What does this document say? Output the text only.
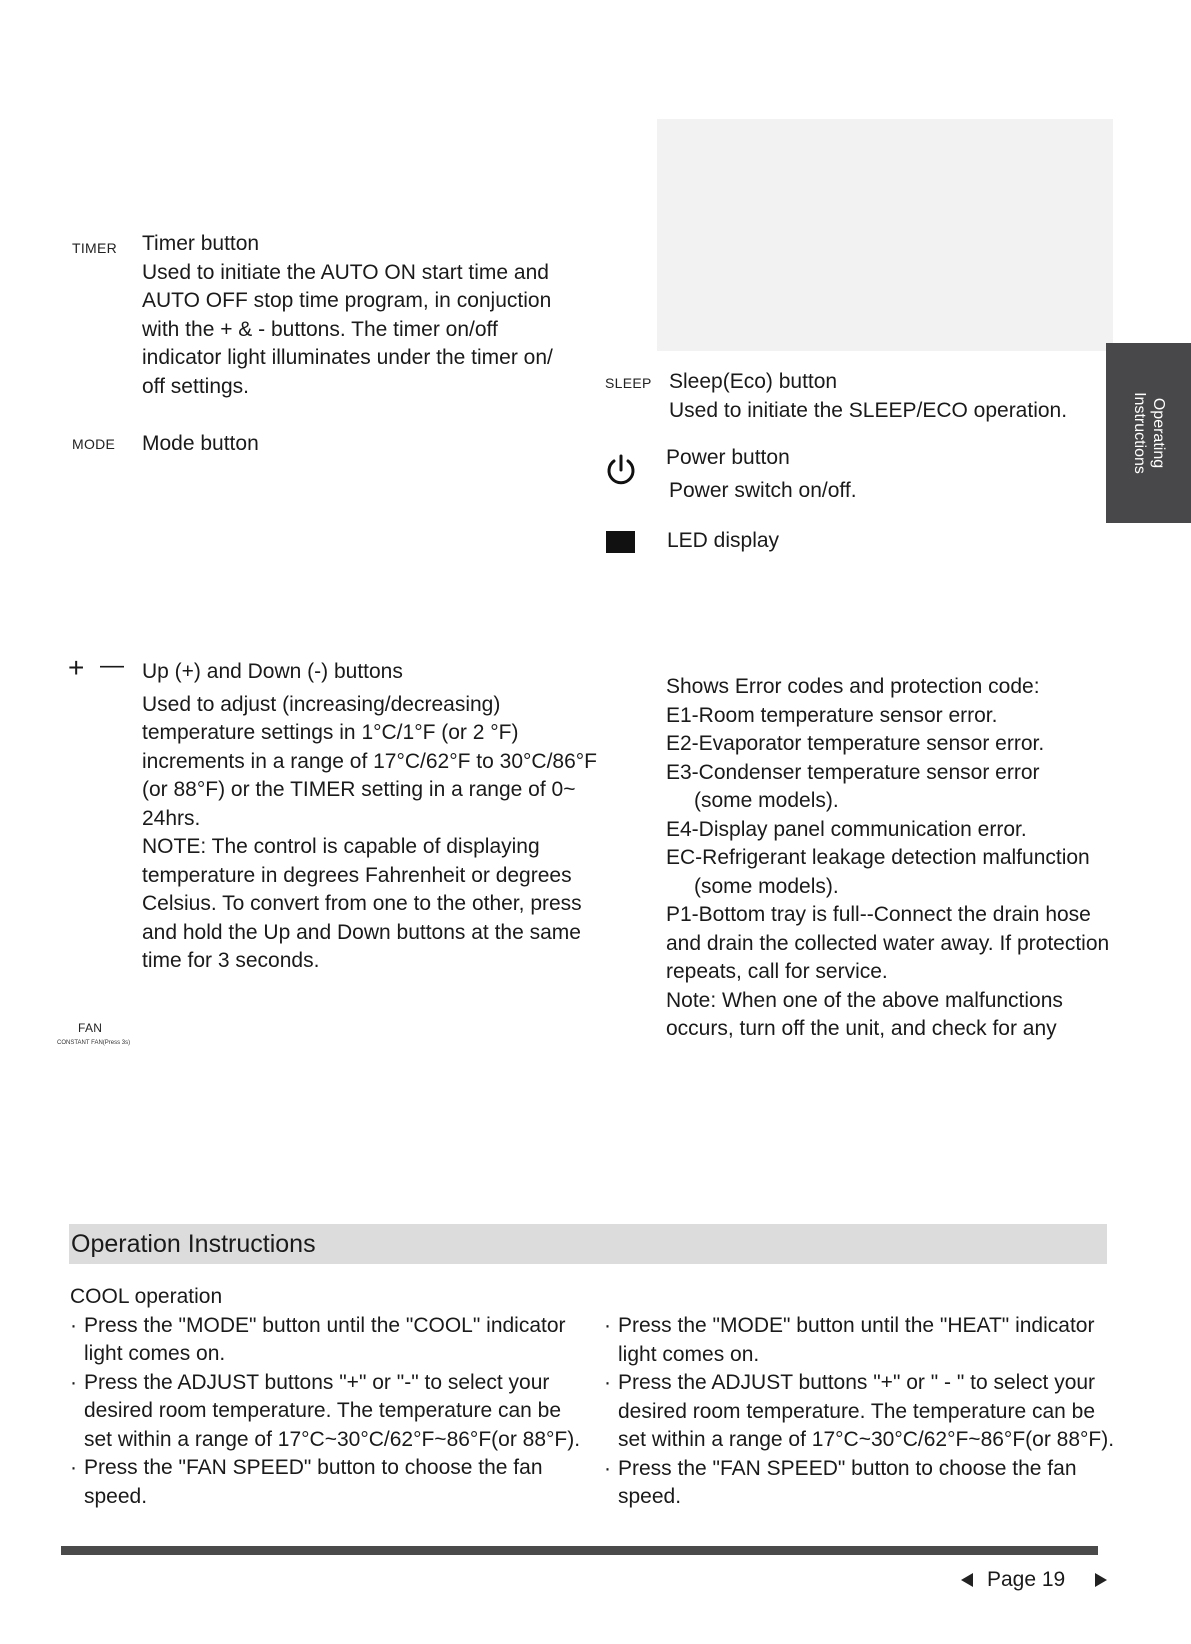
Operating
Instructions
TIMER Timer button

Used to initiate the AUTO ON start time and

AUTO OFF stop time program, in conjuction

with the + & - buttons. The timer on/off

indicator light illuminates under the timer on/

off settings.

MODE Mode button
SLEEP Sleep(Eco) button

Used to initiate the SLEEP/ECO operation.

Power button
Power switch on/off.
LED display
+ — Up (+) and Down (-) buttons

Used to adjust (increasing/decreasing)

temperature settings in 1°C/1°F (or 2 °F)

increments in a range of 17°C/62°F to 30°C/86°F

(or 88°F) or the TIMER setting in a range of 0~

24hrs.

NOTE: The control is capable of displaying

temperature in degrees Fahrenheit or degrees

Celsius. To convert from one to the other, press

and hold the Up and Down buttons at the same

time for 3 seconds.

FAN
CONSTANT FAN(Press 3s)

Shows Error codes and protection code:

E1-Room temperature sensor error.

E2-Evaporator temperature sensor error.

E3-Condenser temperature sensor error

(some models).

E4-Display panel communication error.

EC-Refrigerant leakage detection malfunction

(some models).

P1-Bottom tray is full--Connect the drain hose

and drain the collected water away. If protection

repeats, call for service.

Note: When one of the above malfunctions

occurs, turn off the unit, and check for any

Operation Instructions

COOL operation

· Press the "MODE" button until the "COOL" indicator

light comes on.

· Press the ADJUST buttons "+" or "-" to select your

desired room temperature. The temperature can be

set within a range of 17°C~30°C/62°F~86°F(or 88°F).

· Press the "FAN SPEED" button to choose the fan

speed.

· Press the "MODE" button until the "HEAT" indicator

light comes on.

· Press the ADJUST buttons "+" or " - " to select your

desired room temperature. The temperature can be

set within a range of 17°C~30°C/62°F~86°F(or 88°F).

· Press the "FAN SPEED" button to choose the fan

speed.

Page 19
